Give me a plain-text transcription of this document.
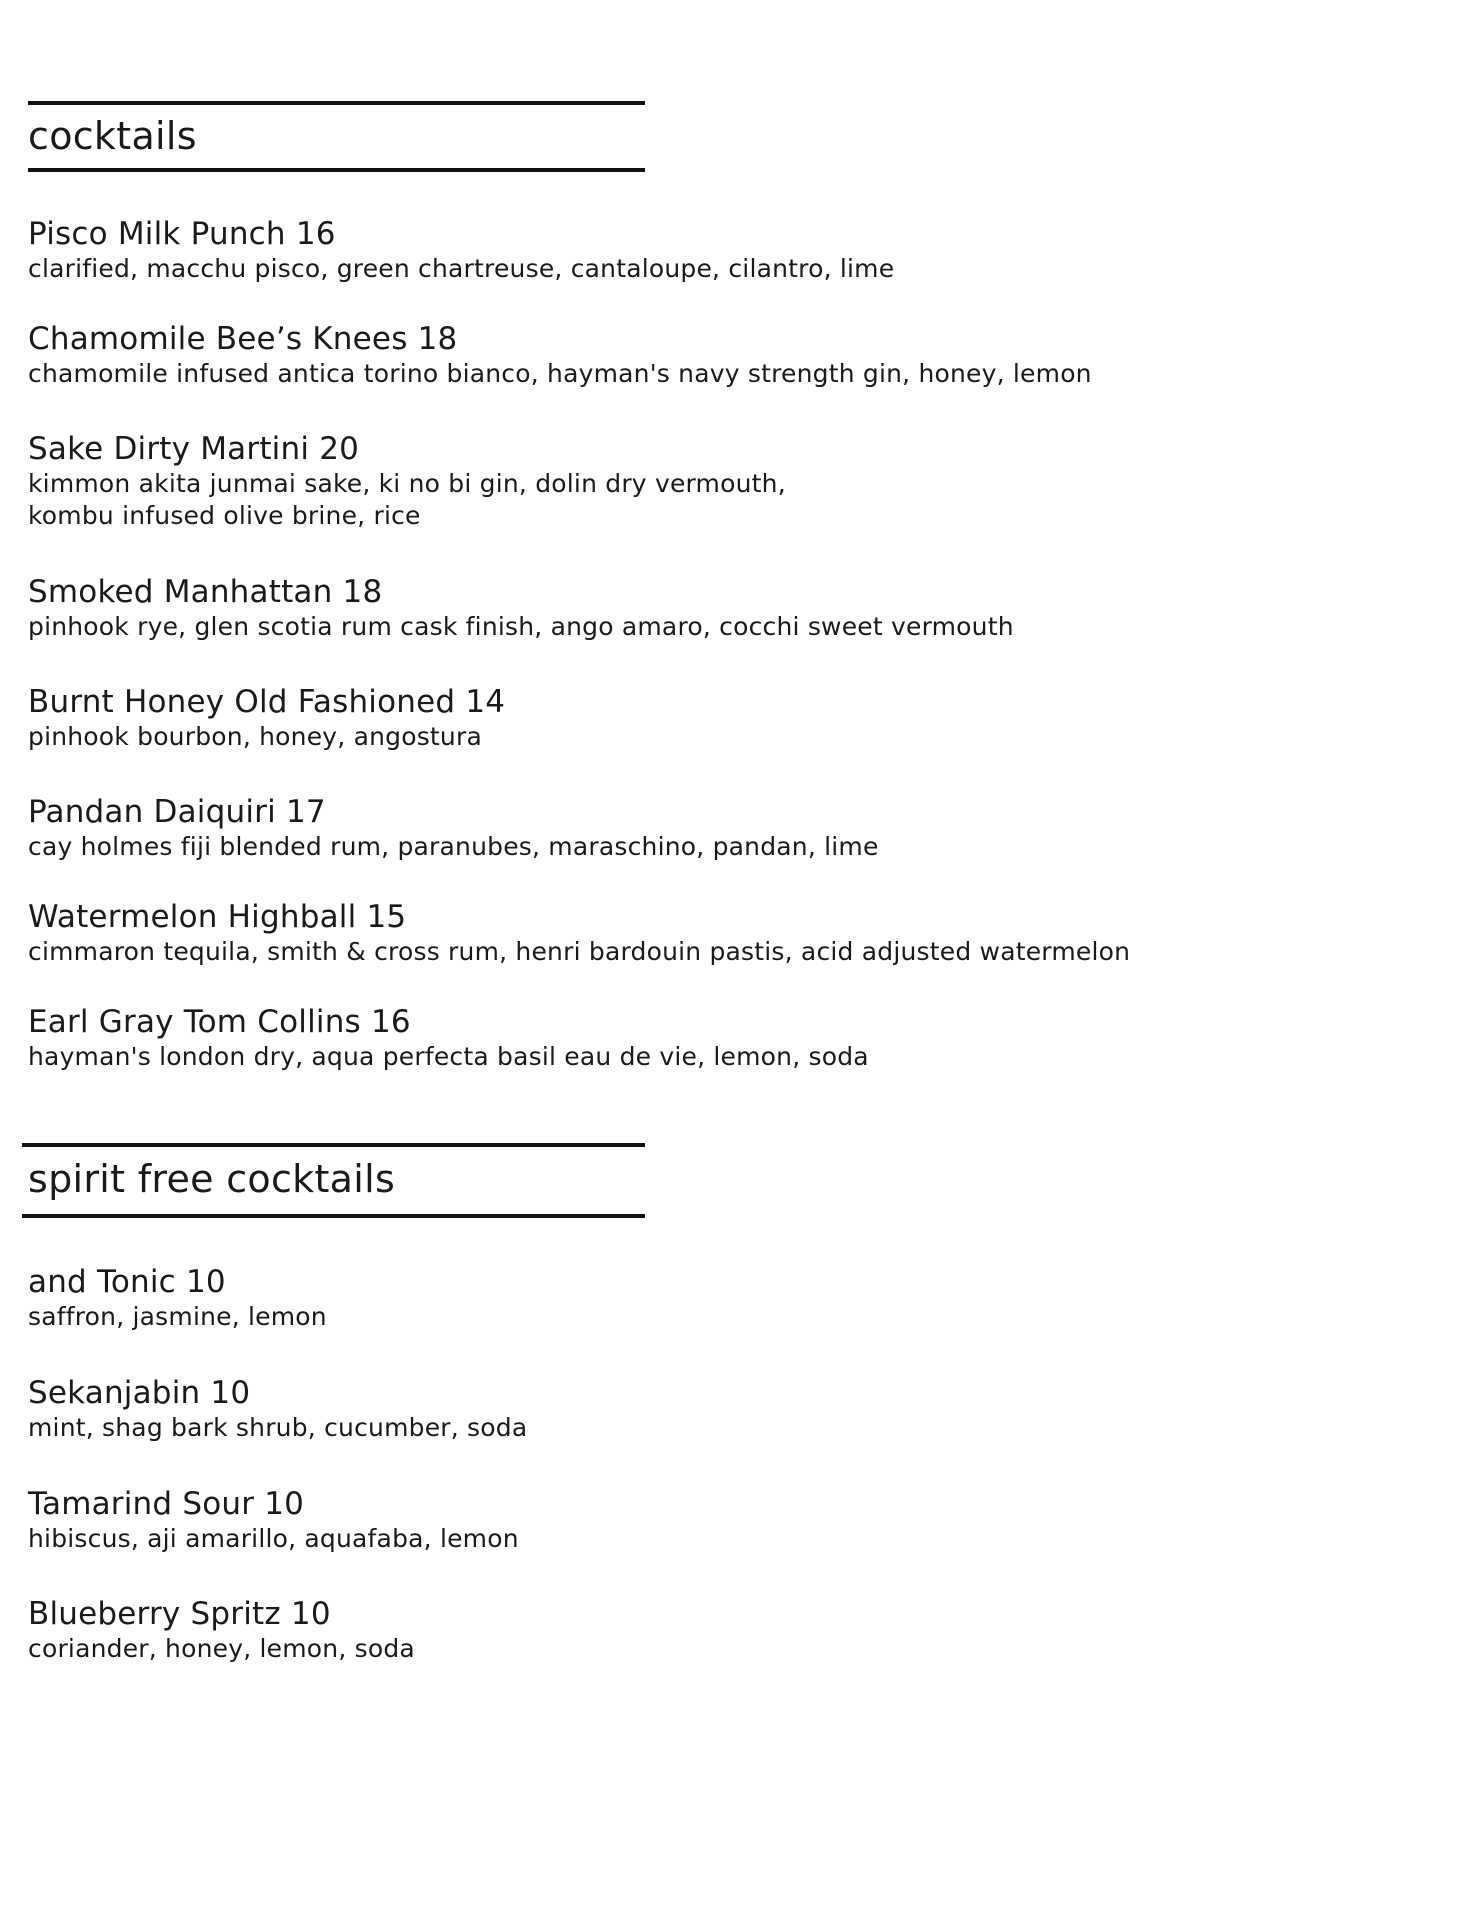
cocktails
Pisco Milk Punch 16
clarified, macchu pisco, green chartreuse, cantaloupe, cilantro, lime
Chamomile Bee’s Knees 18
chamomile infused antica torino bianco, hayman's navy strength gin, honey, lemon
Sake Dirty Martini 20
kimmon akita junmai sake, ki no bi gin, dolin dry vermouth,
kombu infused olive brine, rice
Smoked Manhattan 18
pinhook rye, glen scotia rum cask finish, ango amaro, cocchi sweet vermouth
Burnt Honey Old Fashioned 14
pinhook bourbon, honey, angostura
Pandan Daiquiri 17
cay holmes fiji blended rum, paranubes, maraschino, pandan, lime
Watermelon Highball 15
cimmaron tequila, smith & cross rum, henri bardouin pastis, acid adjusted watermelon
Earl Gray Tom Collins 16
hayman's london dry, aqua perfecta basil eau de vie, lemon, soda
spirit free cocktails
and Tonic 10
saffron, jasmine, lemon
Sekanjabin 10
mint, shag bark shrub, cucumber, soda
Tamarind Sour 10
hibiscus, aji amarillo, aquafaba, lemon
Blueberry Spritz 10
coriander, honey, lemon, soda
